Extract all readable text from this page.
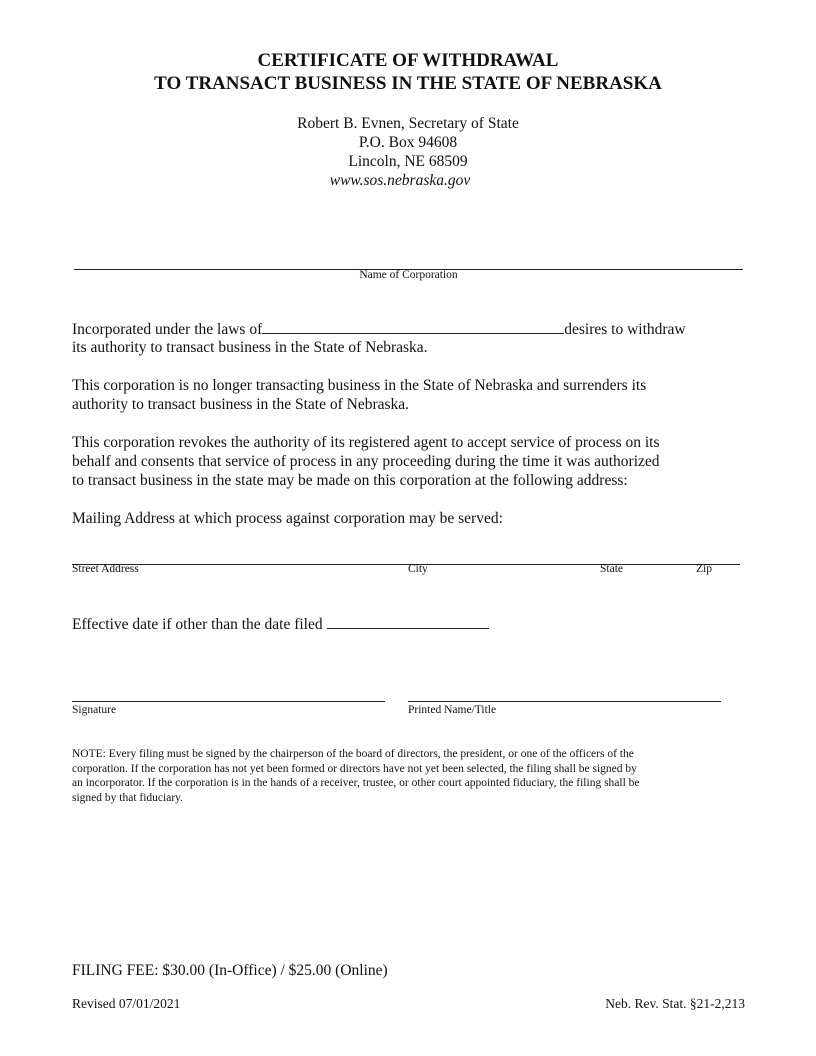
CERTIFICATE OF WITHDRAWAL
TO TRANSACT BUSINESS IN THE STATE OF NEBRASKA
Robert B. Evnen, Secretary of State
P.O. Box 94608
Lincoln, NE 68509
www.sos.nebraska.gov
Name of Corporation
Incorporated under the laws of	desires to withdraw
its authority to transact business in the State of Nebraska.
This corporation is no longer transacting business in the State of Nebraska and surrenders its
authority to transact business in the State of Nebraska.
This corporation revokes the authority of its registered agent to accept service of process on its
behalf and consents that service of process in any proceeding during the time it was authorized
to transact business in the state may be made on this corporation at the following address:
Mailing Address at which process against corporation may be served:
Street Address	City	State	Zip
Effective date if other than the date filed
Signature	Printed Name/Title
NOTE: Every filing must be signed by the chairperson of the board of directors, the president, or one of the officers of the
corporation. If the corporation has not yet been formed or directors have not yet been selected, the filing shall be signed by
an incorporator. If the corporation is in the hands of a receiver, trustee, or other court appointed fiduciary, the filing shall be
signed by that fiduciary.
FILING FEE: $30.00 (In-Office) / $25.00 (Online)
Revised 07/01/2021	Neb. Rev. Stat. §21-2,213
